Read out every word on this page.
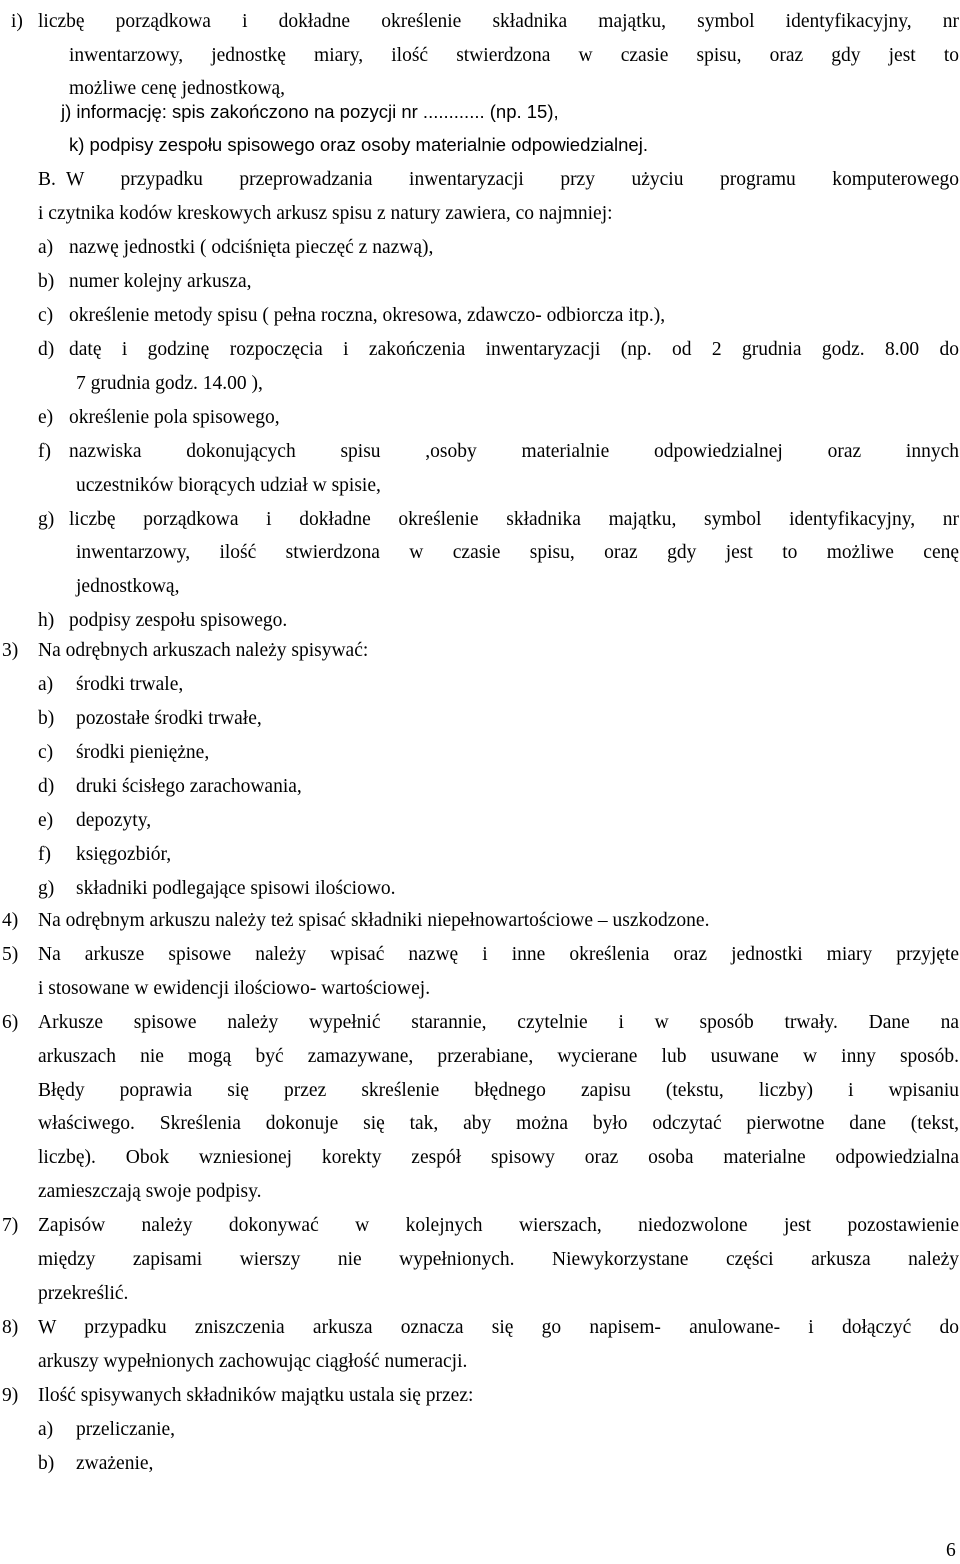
i) liczbę porządkowa i dokładne określenie składnika majątku, symbol identyfikacyjny, nr
inwentarzowy, jednostkę miary, ilość stwierdzona w czasie spisu, oraz gdy jest to
możliwe cenę jednostkową,
j) informację: spis zakończono na pozycji nr ............ (np. 15),
k) podpisy zespołu spisowego oraz osoby materialnie odpowiedzialnej.
B. W przypadku przeprowadzania inwentaryzacji przy użyciu programu komputerowego
i czytnika kodów kreskowych arkusz spisu z natury zawiera, co najmniej:
a) nazwę jednostki ( odciśnięta pieczęć z nazwą),
b) numer kolejny arkusza,
c) określenie metody spisu ( pełna roczna, okresowa, zdawczo- odbiorcza itp.),
d) datę i godzinę rozpoczęcia i zakończenia inwentaryzacji (np. od 2 grudnia godz. 8.00 do
7 grudnia godz. 14.00 ),
e) określenie pola spisowego,
f) nazwiska dokonujących spisu ,osoby materialnie odpowiedzialnej oraz innych
uczestników biorących udział w spisie,
g) liczbę porządkowa i dokładne określenie składnika majątku, symbol identyfikacyjny, nr
inwentarzowy, ilość stwierdzona w czasie spisu, oraz gdy jest to możliwe cenę
jednostkową,
h) podpisy zespołu spisowego.
3) Na odrębnych arkuszach należy spisywać:
a) środki trwale,
b) pozostałe środki trwałe,
c) środki pieniężne,
d) druki ścisłego zarachowania,
e) depozyty,
f) księgozbiór,
g) składniki podlegające spisowi ilościowo.
4) Na odrębnym arkuszu należy też spisać składniki niepełnowartościowe – uszkodzone.
5) Na arkusze spisowe należy wpisać nazwę i inne określenia oraz jednostki miary przyjęte
i stosowane w ewidencji ilościowo- wartościowej.
6) Arkusze spisowe należy wypełnić starannie, czytelnie i w sposób trwały. Dane na
arkuszach nie mogą być zamazywane, przerabiane, wycierane lub usuwane w inny sposób.
Błędy poprawia się przez skreślenie błędnego zapisu (tekstu, liczby) i wpisaniu
właściwego. Skreślenia dokonuje się tak, aby można było odczytać pierwotne dane (tekst,
liczbę). Obok wzniesionej korekty zespół spisowy oraz osoba materialne odpowiedzialna
zamieszczają swoje podpisy.
7) Zapisów należy dokonywać w kolejnych wierszach, niedozwolone jest pozostawienie
między zapisami wierszy nie wypełnionych. Niewykorzystane części arkusza należy
przekreślić.
8) W przypadku zniszczenia arkusza oznacza się go napisem- anulowane- i dołączyć do
arkuszy wypełnionych zachowując ciągłość numeracji.
9) Ilość spisywanych składników majątku ustala się przez:
a) przeliczanie,
b) zważenie,
6
